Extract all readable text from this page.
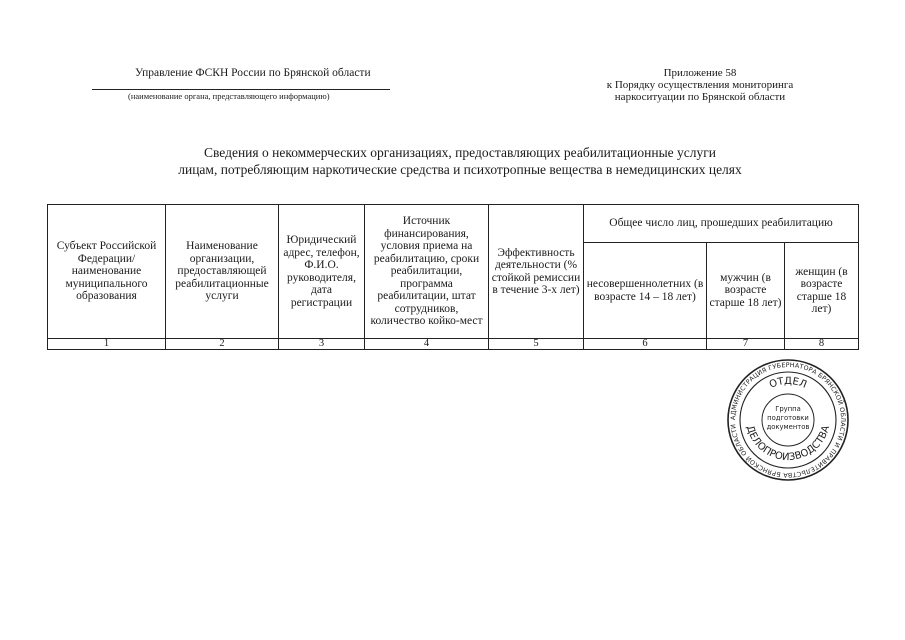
Управление ФСКН России по Брянской области
(наименование органа, представляющего информацию)
Приложение 58
к Порядку осуществления мониторинга
наркоситуации по Брянской области
Сведения о некоммерческих организациях, предоставляющих реабилитационные услуги
лицам, потребляющим наркотические средства и психотропные вещества в немедицинских целях
Субъект Российской Федерации/ наименование муниципального образования	Наименование организации, предоставляющей реабилитационные услуги	Юридический адрес, телефон, Ф.И.О. руководителя, дата регистрации	Источник финансирования, условия приема на реабилитацию, сроки реабилитации, программа реабилитации, штат сотрудников, количество койко-мест	Эффективность деятельности (% стойкой ремиссии в течение 3-х лет)	Общее число лиц, прошедших реабилитацию		
					несовершеннолетних (в возрасте 14 – 18 лет)	мужчин (в возрасте старше 18 лет)	женщин (в возрасте старше 18 лет)
1	2	3	4	5	6	7	8
АДМИНИСТРАЦИЯ ГУБЕРНАТОРА БРЯНСКОЙ ОБЛАСТИ И ПРАВИТЕЛЬСТВА БРЯНСКОЙ ОБЛАСТИ
ОТДЕЛ
ДЕЛОПРОИЗВОДСТВА
Группа
подготовки
документов
